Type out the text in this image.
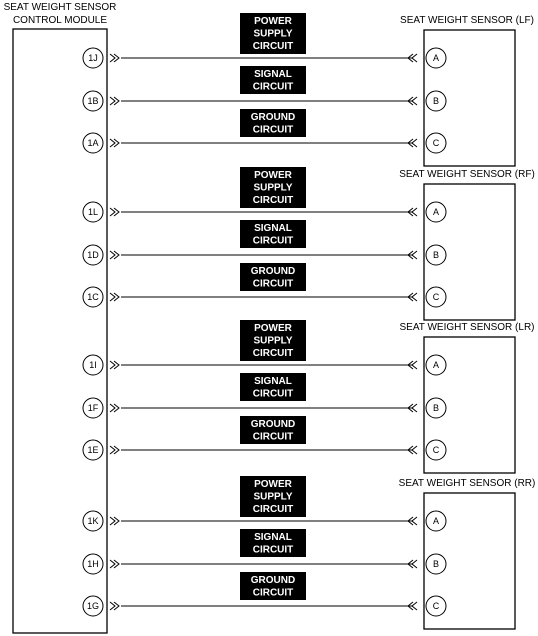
SEAT WEIGHT SENSOR
CONTROL MODULE	SEAT WEIGHT SENSOR (LF)
1J	A
POWER
SUPPLY
CIRCUIT
1B	B
SIGNAL
CIRCUIT
1A	C
GROUND
CIRCUIT
SEAT WEIGHT SENSOR (RF)
1L	A
POWER
SUPPLY
CIRCUIT
1D	B
SIGNAL
CIRCUIT
1C	C
GROUND
CIRCUIT
SEAT WEIGHT SENSOR (LR)
1I	A
POWER
SUPPLY
CIRCUIT
1F	B
SIGNAL
CIRCUIT
1E	C
GROUND
CIRCUIT
SEAT WEIGHT SENSOR (RR)
1K	A
POWER
SUPPLY
CIRCUIT
1H	B
SIGNAL
CIRCUIT
1G	C
GROUND
CIRCUIT
